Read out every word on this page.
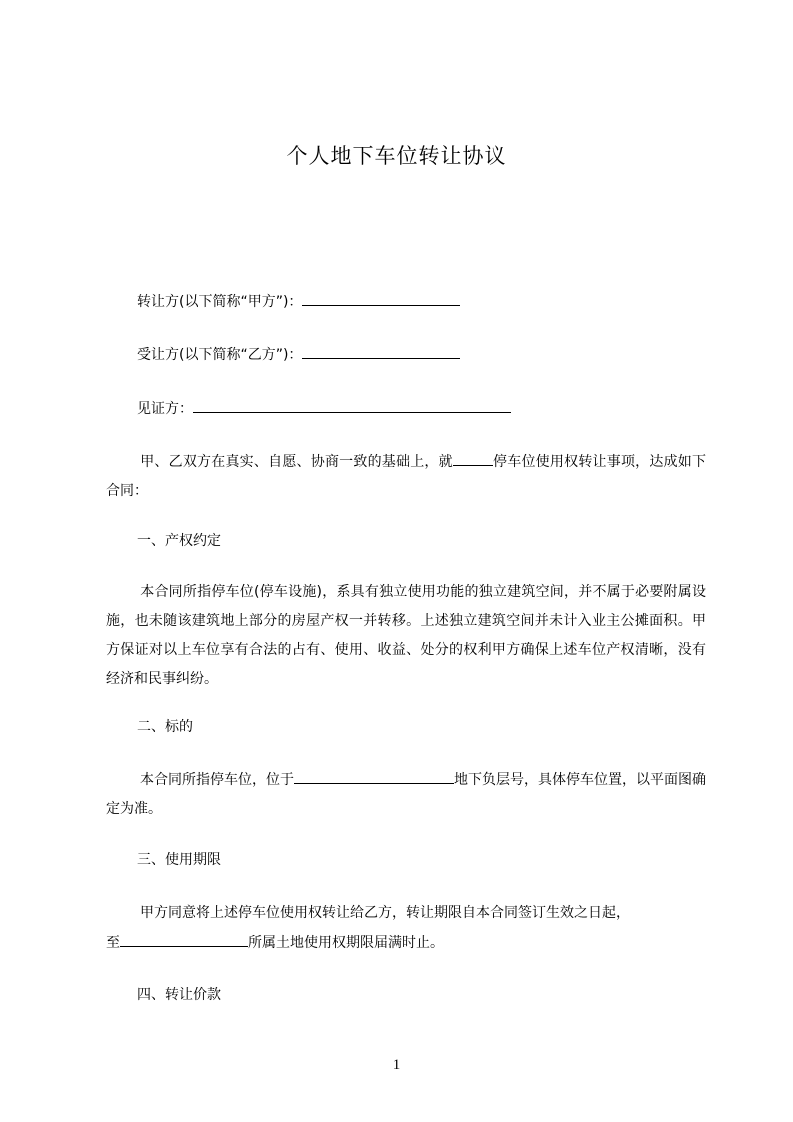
个人地下车位转让协议
转让方(以下简称“甲方”)：
受让方(以下简称“乙方”)：
见证方：
甲、乙双方在真实、自愿、协商一致的基础上，就	停车位使用权转让事项，达成如下合同：
一、产权约定
本合同所指停车位(停车设施)，系具有独立使用功能的独立建筑空间，并不属于必要附属设施，也未随该建筑地上部分的房屋产权一并转移。上述独立建筑空间并未计入业主公摊面积。甲方保证对以上车位享有合法的占有、使用、收益、处分的权利甲方确保上述车位产权清晰，没有经济和民事纠纷。
二、标的
本合同所指停车位，位于	地下负层号，具体停车位置，以平面图确定为准。
三、使用期限
甲方同意将上述停车位使用权转让给乙方，转让期限自本合同签订生效之日起，
至	所属土地使用权期限届满时止。
四、转让价款
1
